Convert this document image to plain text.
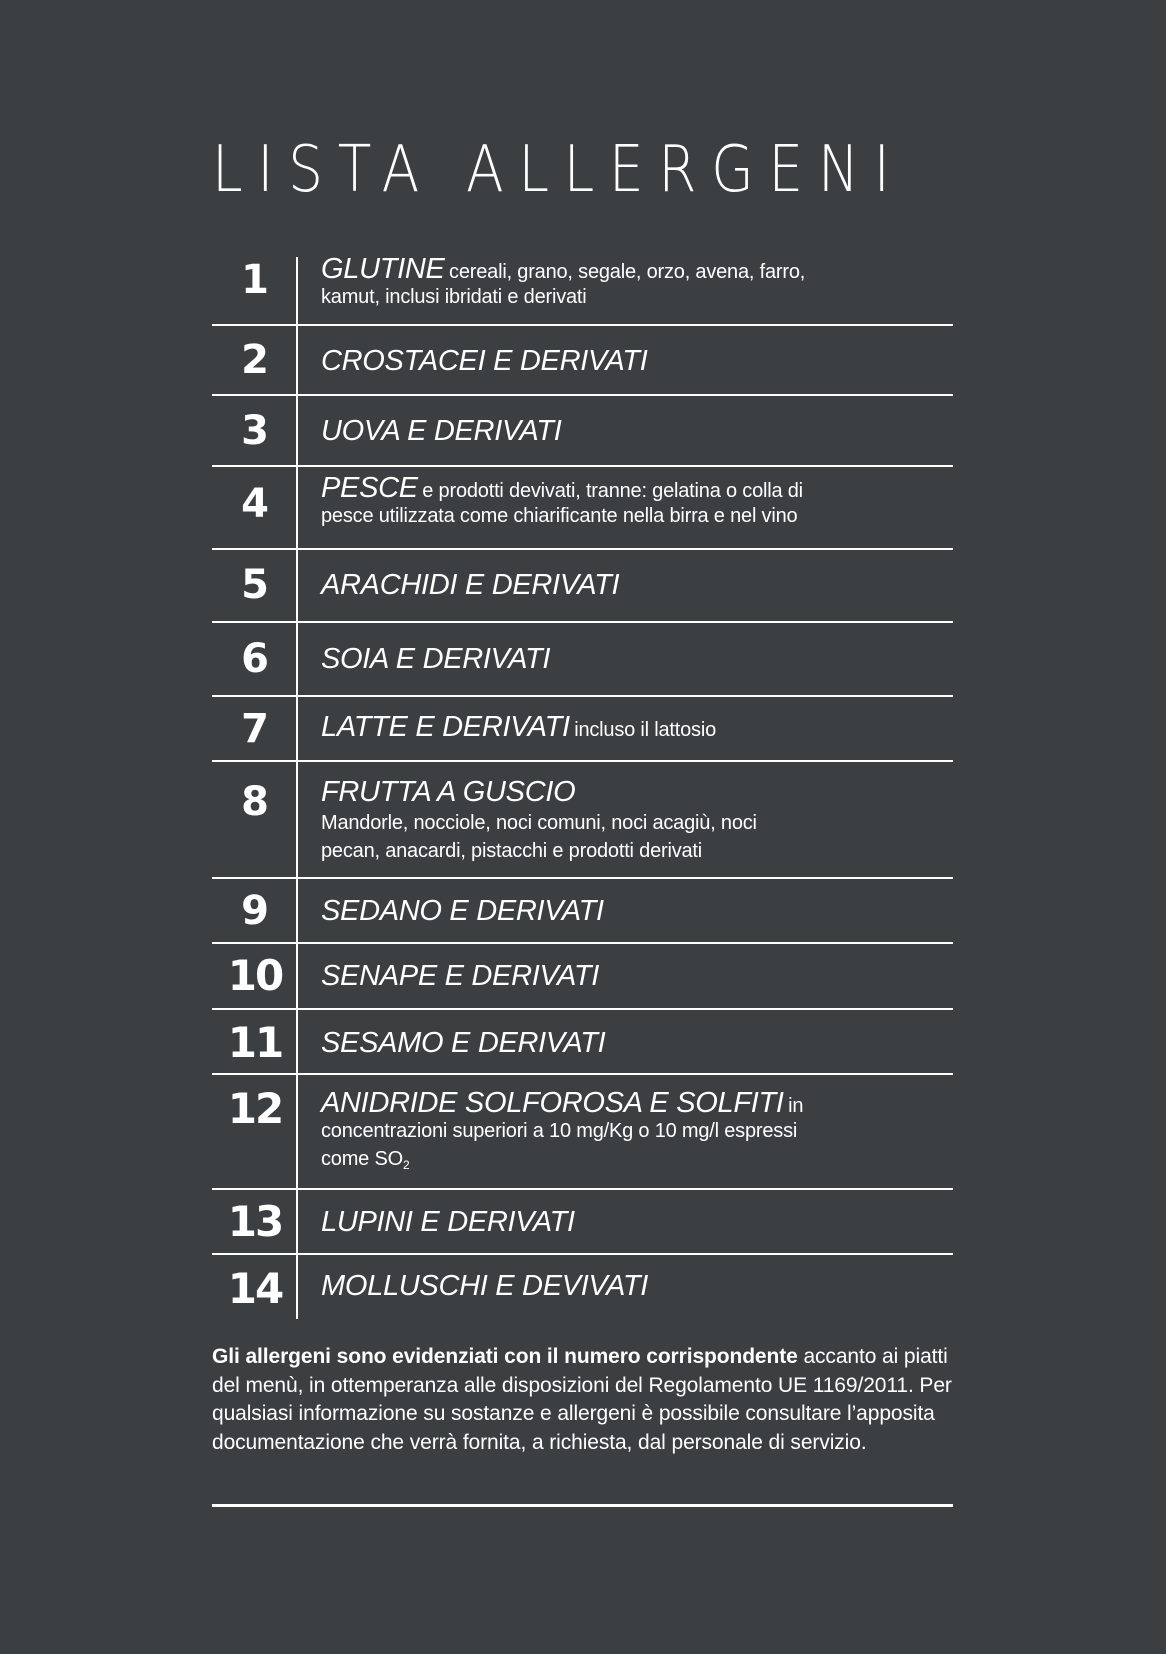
LISTA ALLERGENI
1	GLUTINE cereali, grano, segale, orzo, avena, farro,
kamut, inclusi ibridati e derivati
2	CROSTACEI E DERIVATI
3	UOVA E DERIVATI
4	PESCE e prodotti devivati, tranne: gelatina o colla di
pesce utilizzata come chiarificante nella birra e nel vino
5	ARACHIDI E DERIVATI
6	SOIA E DERIVATI
7	LATTE E DERIVATI incluso il lattosio
8	FRUTTA A GUSCIO
Mandorle, nocciole, noci comuni, noci acagiù, noci
pecan, anacardi, pistacchi e prodotti derivati
9	SEDANO E DERIVATI
10	SENAPE E DERIVATI
11	SESAMO E DERIVATI
12	ANIDRIDE SOLFOROSA E SOLFITI in
concentrazioni superiori a 10 mg/Kg o 10 mg/l espressi
come $SO_2$
13	LUPINI E DERIVATI
14	MOLLUSCHI E DEVIVATI

Gli allergeni sono evidenziati con il numero corrispondente accanto ai piatti del menù, in ottemperanza alle disposizioni del Regolamento UE 1169/2011. Per qualsiasi informazione su sostanze e allergeni è possibile consultare l’apposita documentazione che verrà fornita, a richiesta, dal personale di servizio.
